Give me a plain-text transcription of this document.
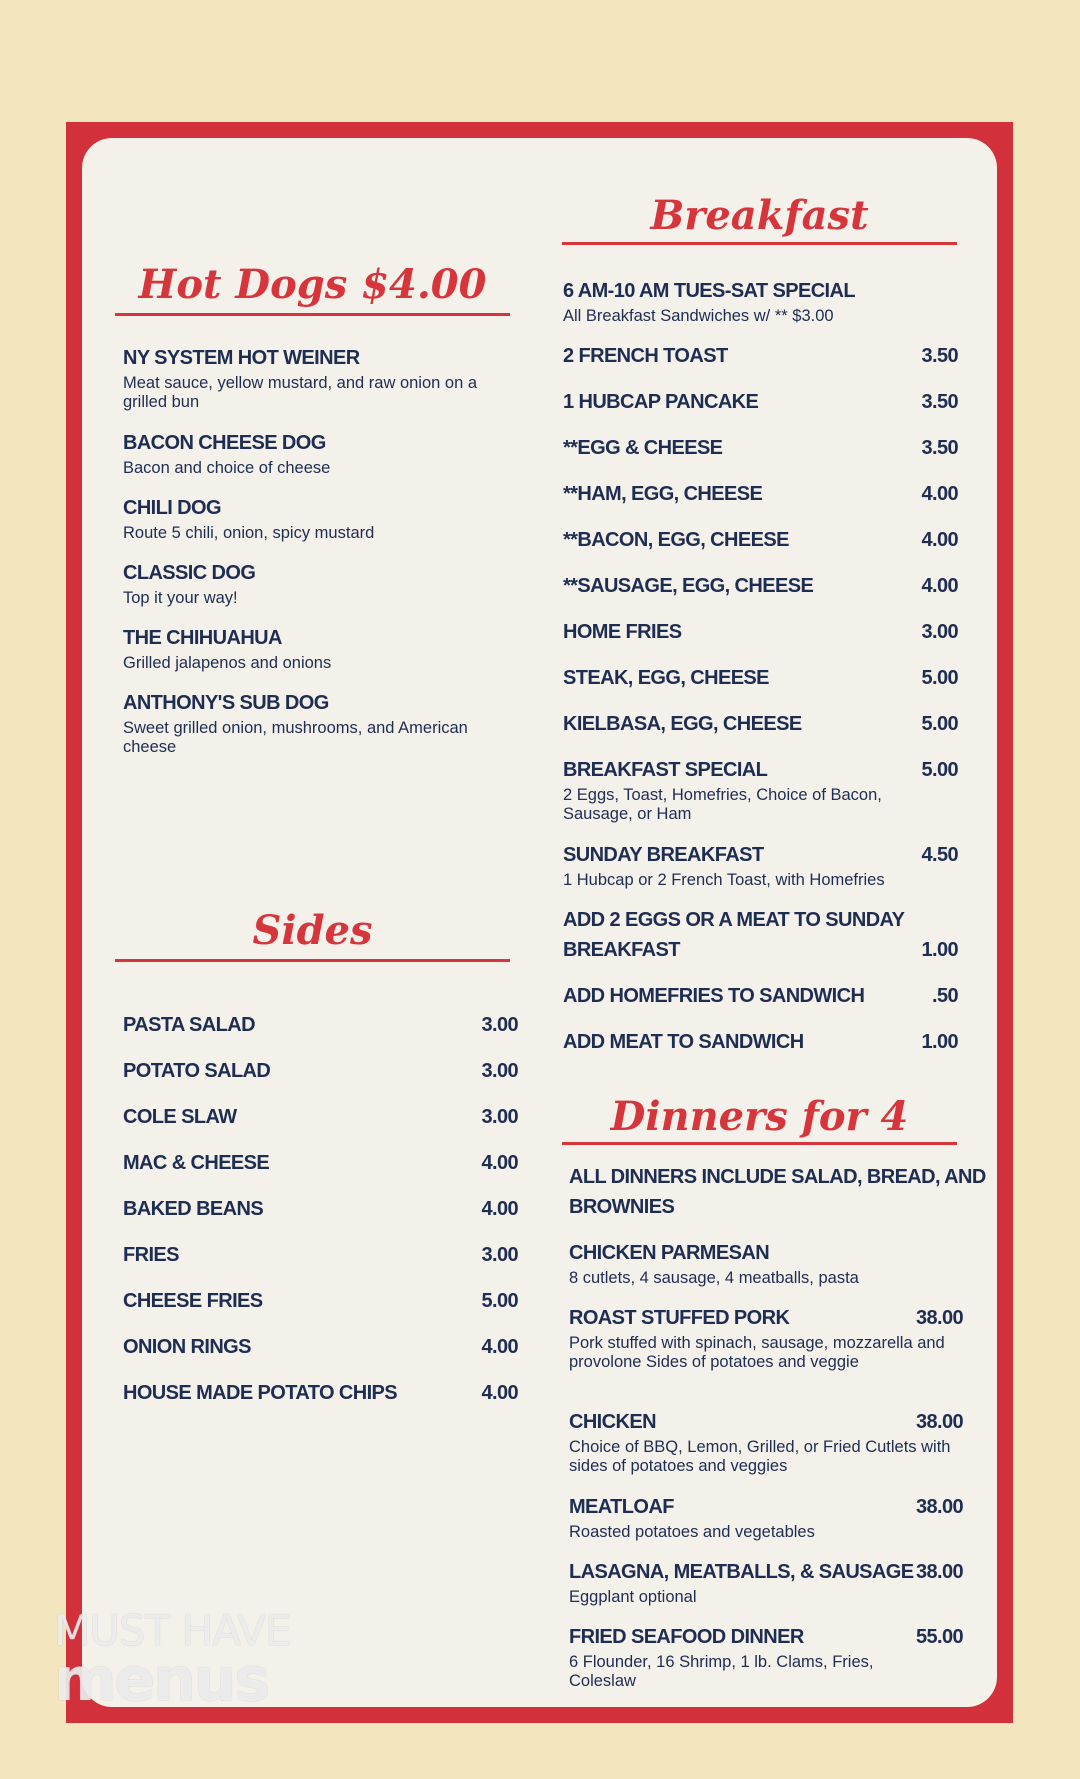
Hot Dogs $4.00
NY SYSTEM HOT WEINER
Meat sauce, yellow mustard, and raw onion on a grilled bun
BACON CHEESE DOG
Bacon and choice of cheese
CHILI DOG
Route 5 chili, onion, spicy mustard
CLASSIC DOG
Top it your way!
THE CHIHUAHUA
Grilled jalapenos and onions
ANTHONY'S SUB DOG
Sweet grilled onion, mushrooms, and American cheese
Sides
PASTA SALAD	3.00
POTATO SALAD	3.00
COLE SLAW	3.00
MAC & CHEESE	4.00
BAKED BEANS	4.00
FRIES	3.00
CHEESE FRIES	5.00
ONION RINGS	4.00
HOUSE MADE POTATO CHIPS	4.00
Breakfast
6 AM-10 AM TUES-SAT SPECIAL
All Breakfast Sandwiches w/ ** $3.00
2 FRENCH TOAST	3.50
1 HUBCAP PANCAKE	3.50
**EGG & CHEESE	3.50
**HAM, EGG, CHEESE	4.00
**BACON, EGG, CHEESE	4.00
**SAUSAGE, EGG, CHEESE	4.00
HOME FRIES	3.00
STEAK, EGG, CHEESE	5.00
KIELBASA, EGG, CHEESE	5.00
BREAKFAST SPECIAL	5.00
2 Eggs, Toast, Homefries, Choice of Bacon, Sausage, or Ham
SUNDAY BREAKFAST	4.50
1 Hubcap or 2 French Toast, with Homefries
ADD 2 EGGS OR A MEAT TO SUNDAY
BREAKFAST	1.00
ADD HOMEFRIES TO SANDWICH	.50
ADD MEAT TO SANDWICH	1.00
Dinners for 4
ALL DINNERS INCLUDE SALAD, BREAD, AND
BROWNIES
CHICKEN PARMESAN
8 cutlets, 4 sausage, 4 meatballs, pasta
ROAST STUFFED PORK	38.00
Pork stuffed with spinach, sausage, mozzarella and provolone Sides of potatoes and veggie
CHICKEN	38.00
Choice of BBQ, Lemon, Grilled, or Fried Cutlets with sides of potatoes and veggies
MEATLOAF	38.00
Roasted potatoes and vegetables
LASAGNA, MEATBALLS, & SAUSAGE 38.00
Eggplant optional
FRIED SEAFOOD DINNER	55.00
6 Flounder, 16 Shrimp, 1 lb. Clams, Fries, Coleslaw
MUST HAVE
menus
